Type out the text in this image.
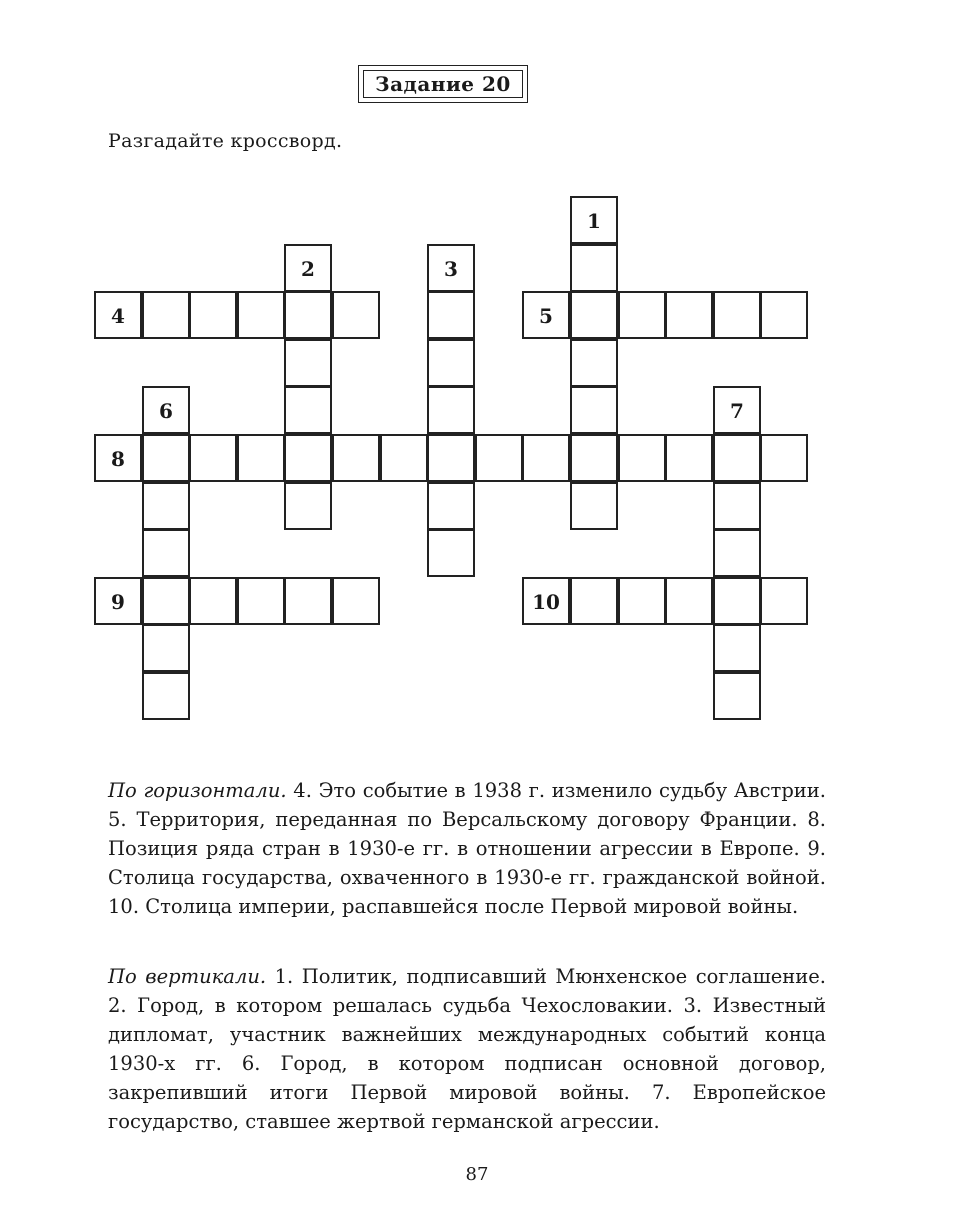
Задание 20
Разгадайте кроссворд.
4	5
8
9	10
1
2	3
6	7
По горизонтали. 4. Это событие в 1938 г. изменило судьбу Австрии. 5. Территория, переданная по Версальскому договору Франции. 8. Позиция ряда стран в 1930-е гг. в отношении агрессии в Европе. 9. Столица государства, охваченного в 1930-е гг. гражданской войной. 10. Столица империи, распавшейся после Первой мировой войны.
По вертикали. 1. Политик, подписавший Мюнхенское соглашение. 2. Город, в котором решалась судьба Чехословакии. 3. Известный дипломат, участник важнейших международных событий конца 1930-х гг. 6. Город, в котором подписан основной договор, закрепивший итоги Первой мировой войны. 7. Европейское государство, ставшее жертвой германской агрессии.
87
